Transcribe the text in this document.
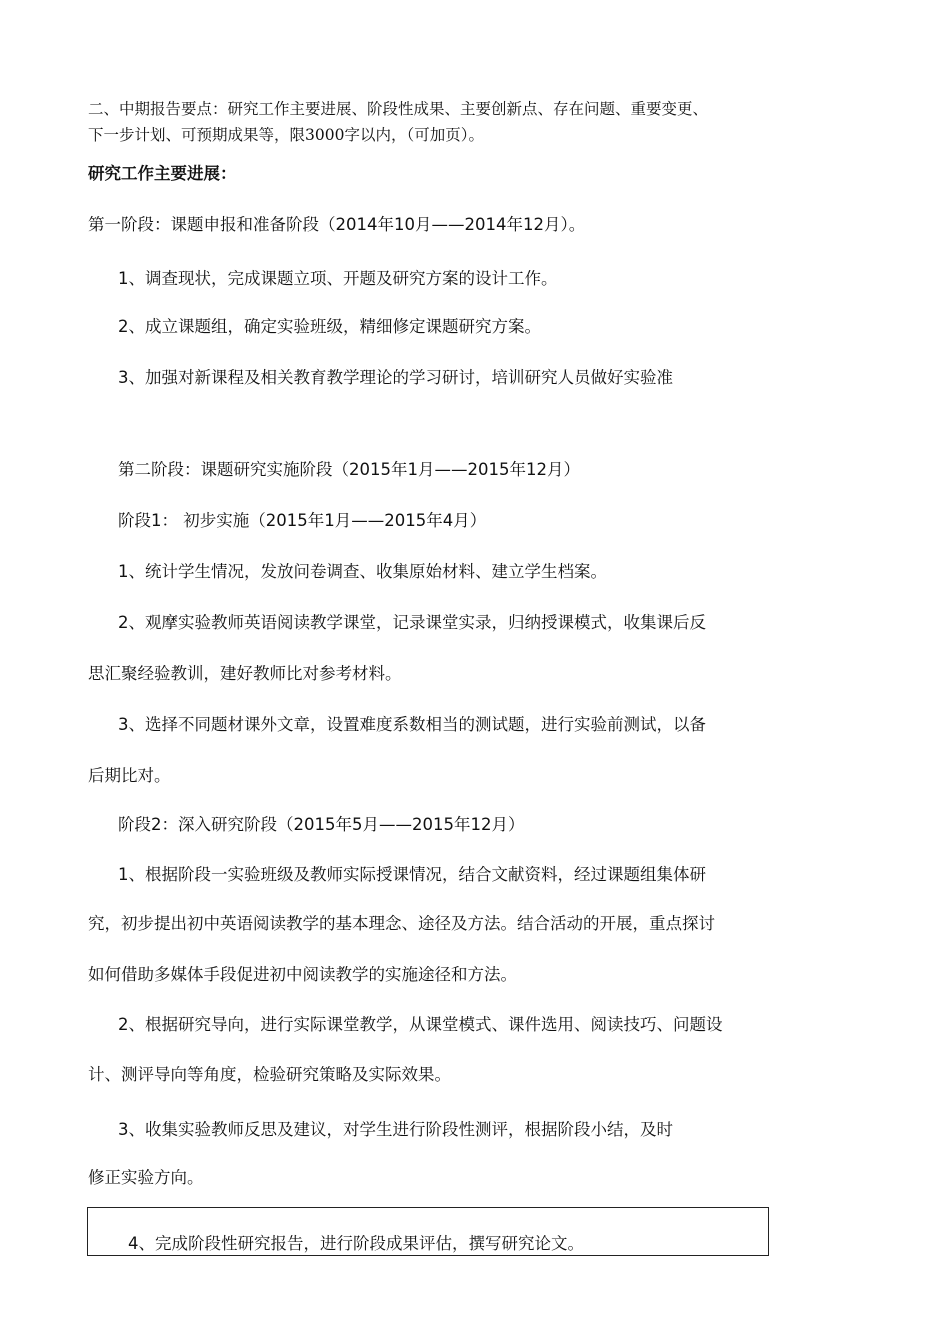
二、中期报告要点：研究工作主要进展、阶段性成果、主要创新点、存在问题、重要变更、
下一步计划、可预期成果等，限3000字以内，（可加页）。
研究工作主要进展：
第一阶段：课题申报和准备阶段（2014年10月——2014年12月）。
1、调查现状，完成课题立项、开题及研究方案的设计工作。
2、成立课题组，确定实验班级，精细修定课题研究方案。
3、加强对新课程及相关教育教学理论的学习研讨，培训研究人员做好实验准
第二阶段：课题研究实施阶段（2015年1月——2015年12月）
阶段1： 初步实施（2015年1月——2015年4月）
1、统计学生情况，发放问卷调查、收集原始材料、建立学生档案。
2、观摩实验教师英语阅读教学课堂，记录课堂实录，归纳授课模式，收集课后反
思汇聚经验教训，建好教师比对参考材料。
3、选择不同题材课外文章，设置难度系数相当的测试题，进行实验前测试，以备
后期比对。
阶段2：深入研究阶段（2015年5月——2015年12月）
1、根据阶段一实验班级及教师实际授课情况，结合文献资料，经过课题组集体研
究，初步提出初中英语阅读教学的基本理念、途径及方法。结合活动的开展，重点探讨
如何借助多媒体手段促进初中阅读教学的实施途径和方法。
2、根据研究导向，进行实际课堂教学，从课堂模式、课件选用、阅读技巧、问题设
计、测评导向等角度，检验研究策略及实际效果。
3、收集实验教师反思及建议，对学生进行阶段性测评，根据阶段小结，及时
修正实验方向。
4、完成阶段性研究报告，进行阶段成果评估，撰写研究论文。
